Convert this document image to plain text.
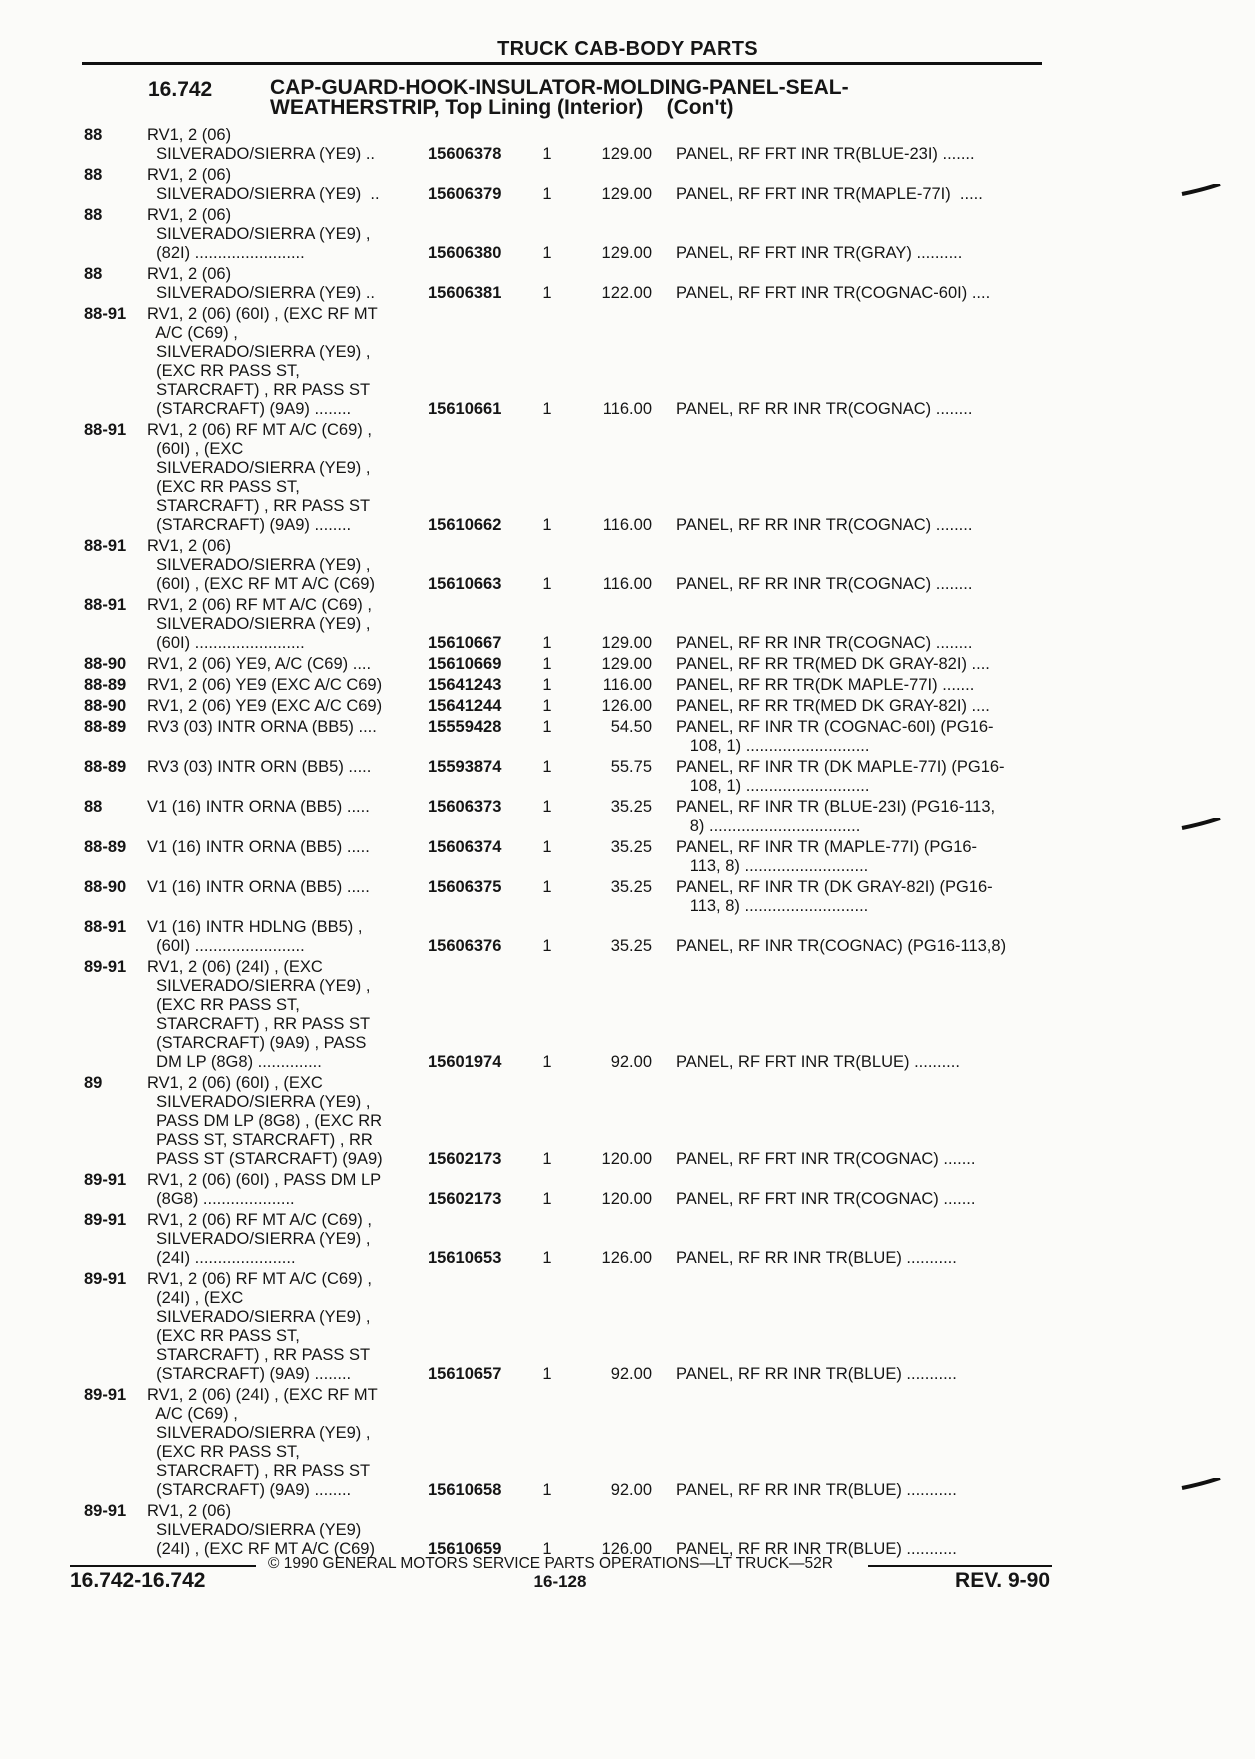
TRUCK CAB-BODY PARTS
16.742	CAP-GUARD-HOOK-INSULATOR-MOLDING-PANEL-SEAL-
WEATHERSTRIP, Top Lining (Interior)    (Con't)
88	RV1, 2 (06)
SILVERADO/SIERRA (YE9) ..	15606378	1	129.00 PANEL, RF FRT INR TR(BLUE-23I) .......
88	RV1, 2 (06)
SILVERADO/SIERRA (YE9)  ..	15606379	1	129.00 PANEL, RF FRT INR TR(MAPLE-77I)  .....
88	RV1, 2 (06)
SILVERADO/SIERRA (YE9) ,
(82I) ........................	15606380	1	129.00 PANEL, RF FRT INR TR(GRAY) ..........
88	RV1, 2 (06)
SILVERADO/SIERRA (YE9) ..	15606381	1	122.00 PANEL, RF FRT INR TR(COGNAC-60I) ....
88-91	RV1, 2 (06) (60I) , (EXC RF MT
A/C (C69) ,
SILVERADO/SIERRA (YE9) ,
(EXC RR PASS ST,
STARCRAFT) , RR PASS ST
(STARCRAFT) (9A9) ........	15610661	1	116.00 PANEL, RF RR INR TR(COGNAC) ........
88-91	RV1, 2 (06) RF MT A/C (C69) ,
(60I) , (EXC
SILVERADO/SIERRA (YE9) ,
(EXC RR PASS ST,
STARCRAFT) , RR PASS ST
(STARCRAFT) (9A9) ........	15610662	1	116.00 PANEL, RF RR INR TR(COGNAC) ........
88-91	RV1, 2 (06)
SILVERADO/SIERRA (YE9) ,
(60I) , (EXC RF MT A/C (C69)	15610663	1	116.00 PANEL, RF RR INR TR(COGNAC) ........
88-91	RV1, 2 (06) RF MT A/C (C69) ,
SILVERADO/SIERRA (YE9) ,
(60I) ........................	15610667	1	129.00 PANEL, RF RR INR TR(COGNAC) ........
88-90	RV1, 2 (06) YE9, A/C (C69) ....	15610669	1	129.00 PANEL, RF RR TR(MED DK GRAY-82I) ....
88-89	RV1, 2 (06) YE9 (EXC A/C C69)	15641243	1	116.00 PANEL, RF RR TR(DK MAPLE-77I) .......
88-90	RV1, 2 (06) YE9 (EXC A/C C69)	15641244	1	126.00 PANEL, RF RR TR(MED DK GRAY-82I) ....
88-89	RV3 (03) INTR ORNA (BB5) ....	15559428	1	54.50 PANEL, RF INR TR (COGNAC-60I) (PG16-
108, 1) ...........................
88-89	RV3 (03) INTR ORN (BB5) .....	15593874	1	55.75 PANEL, RF INR TR (DK MAPLE-77I) (PG16-
108, 1) ...........................
88	V1 (16) INTR ORNA (BB5) .....	15606373	1	35.25 PANEL, RF INR TR (BLUE-23I) (PG16-113,
8) .................................
88-89	V1 (16) INTR ORNA (BB5) .....	15606374	1	35.25 PANEL, RF INR TR (MAPLE-77I) (PG16-
113, 8) ...........................
88-90	V1 (16) INTR ORNA (BB5) .....	15606375	1	35.25 PANEL, RF INR TR (DK GRAY-82I) (PG16-
113, 8) ...........................
88-91	V1 (16) INTR HDLNG (BB5) ,
(60I) ........................	15606376	1	35.25 PANEL, RF INR TR(COGNAC) (PG16-113,8)
89-91	RV1, 2 (06) (24I) , (EXC
SILVERADO/SIERRA (YE9) ,
(EXC RR PASS ST,
STARCRAFT) , RR PASS ST
(STARCRAFT) (9A9) , PASS
DM LP (8G8) ..............	15601974	1	92.00 PANEL, RF FRT INR TR(BLUE) ..........
89	RV1, 2 (06) (60I) , (EXC
SILVERADO/SIERRA (YE9) ,
PASS DM LP (8G8) , (EXC RR
PASS ST, STARCRAFT) , RR
PASS ST (STARCRAFT) (9A9)	15602173	1	120.00 PANEL, RF FRT INR TR(COGNAC) .......
89-91	RV1, 2 (06) (60I) , PASS DM LP
(8G8) ....................	15602173	1	120.00 PANEL, RF FRT INR TR(COGNAC) .......
89-91	RV1, 2 (06) RF MT A/C (C69) ,
SILVERADO/SIERRA (YE9) ,
(24I) ......................	15610653	1	126.00 PANEL, RF RR INR TR(BLUE) ...........
89-91	RV1, 2 (06) RF MT A/C (C69) ,
(24I) , (EXC
SILVERADO/SIERRA (YE9) ,
(EXC RR PASS ST,
STARCRAFT) , RR PASS ST
(STARCRAFT) (9A9) ........	15610657	1	92.00 PANEL, RF RR INR TR(BLUE) ...........
89-91	RV1, 2 (06) (24I) , (EXC RF MT
A/C (C69) ,
SILVERADO/SIERRA (YE9) ,
(EXC RR PASS ST,
STARCRAFT) , RR PASS ST
(STARCRAFT) (9A9) ........	15610658	1	92.00 PANEL, RF RR INR TR(BLUE) ...........
89-91	RV1, 2 (06)
SILVERADO/SIERRA (YE9)
(24I) , (EXC RF MT A/C (C69)	15610659	1	126.00 PANEL, RF RR INR TR(BLUE) ...........
© 1990 GENERAL MOTORS SERVICE PARTS OPERATIONS—LT TRUCK—52R
16.742-16.742	16-128	REV. 9-90
